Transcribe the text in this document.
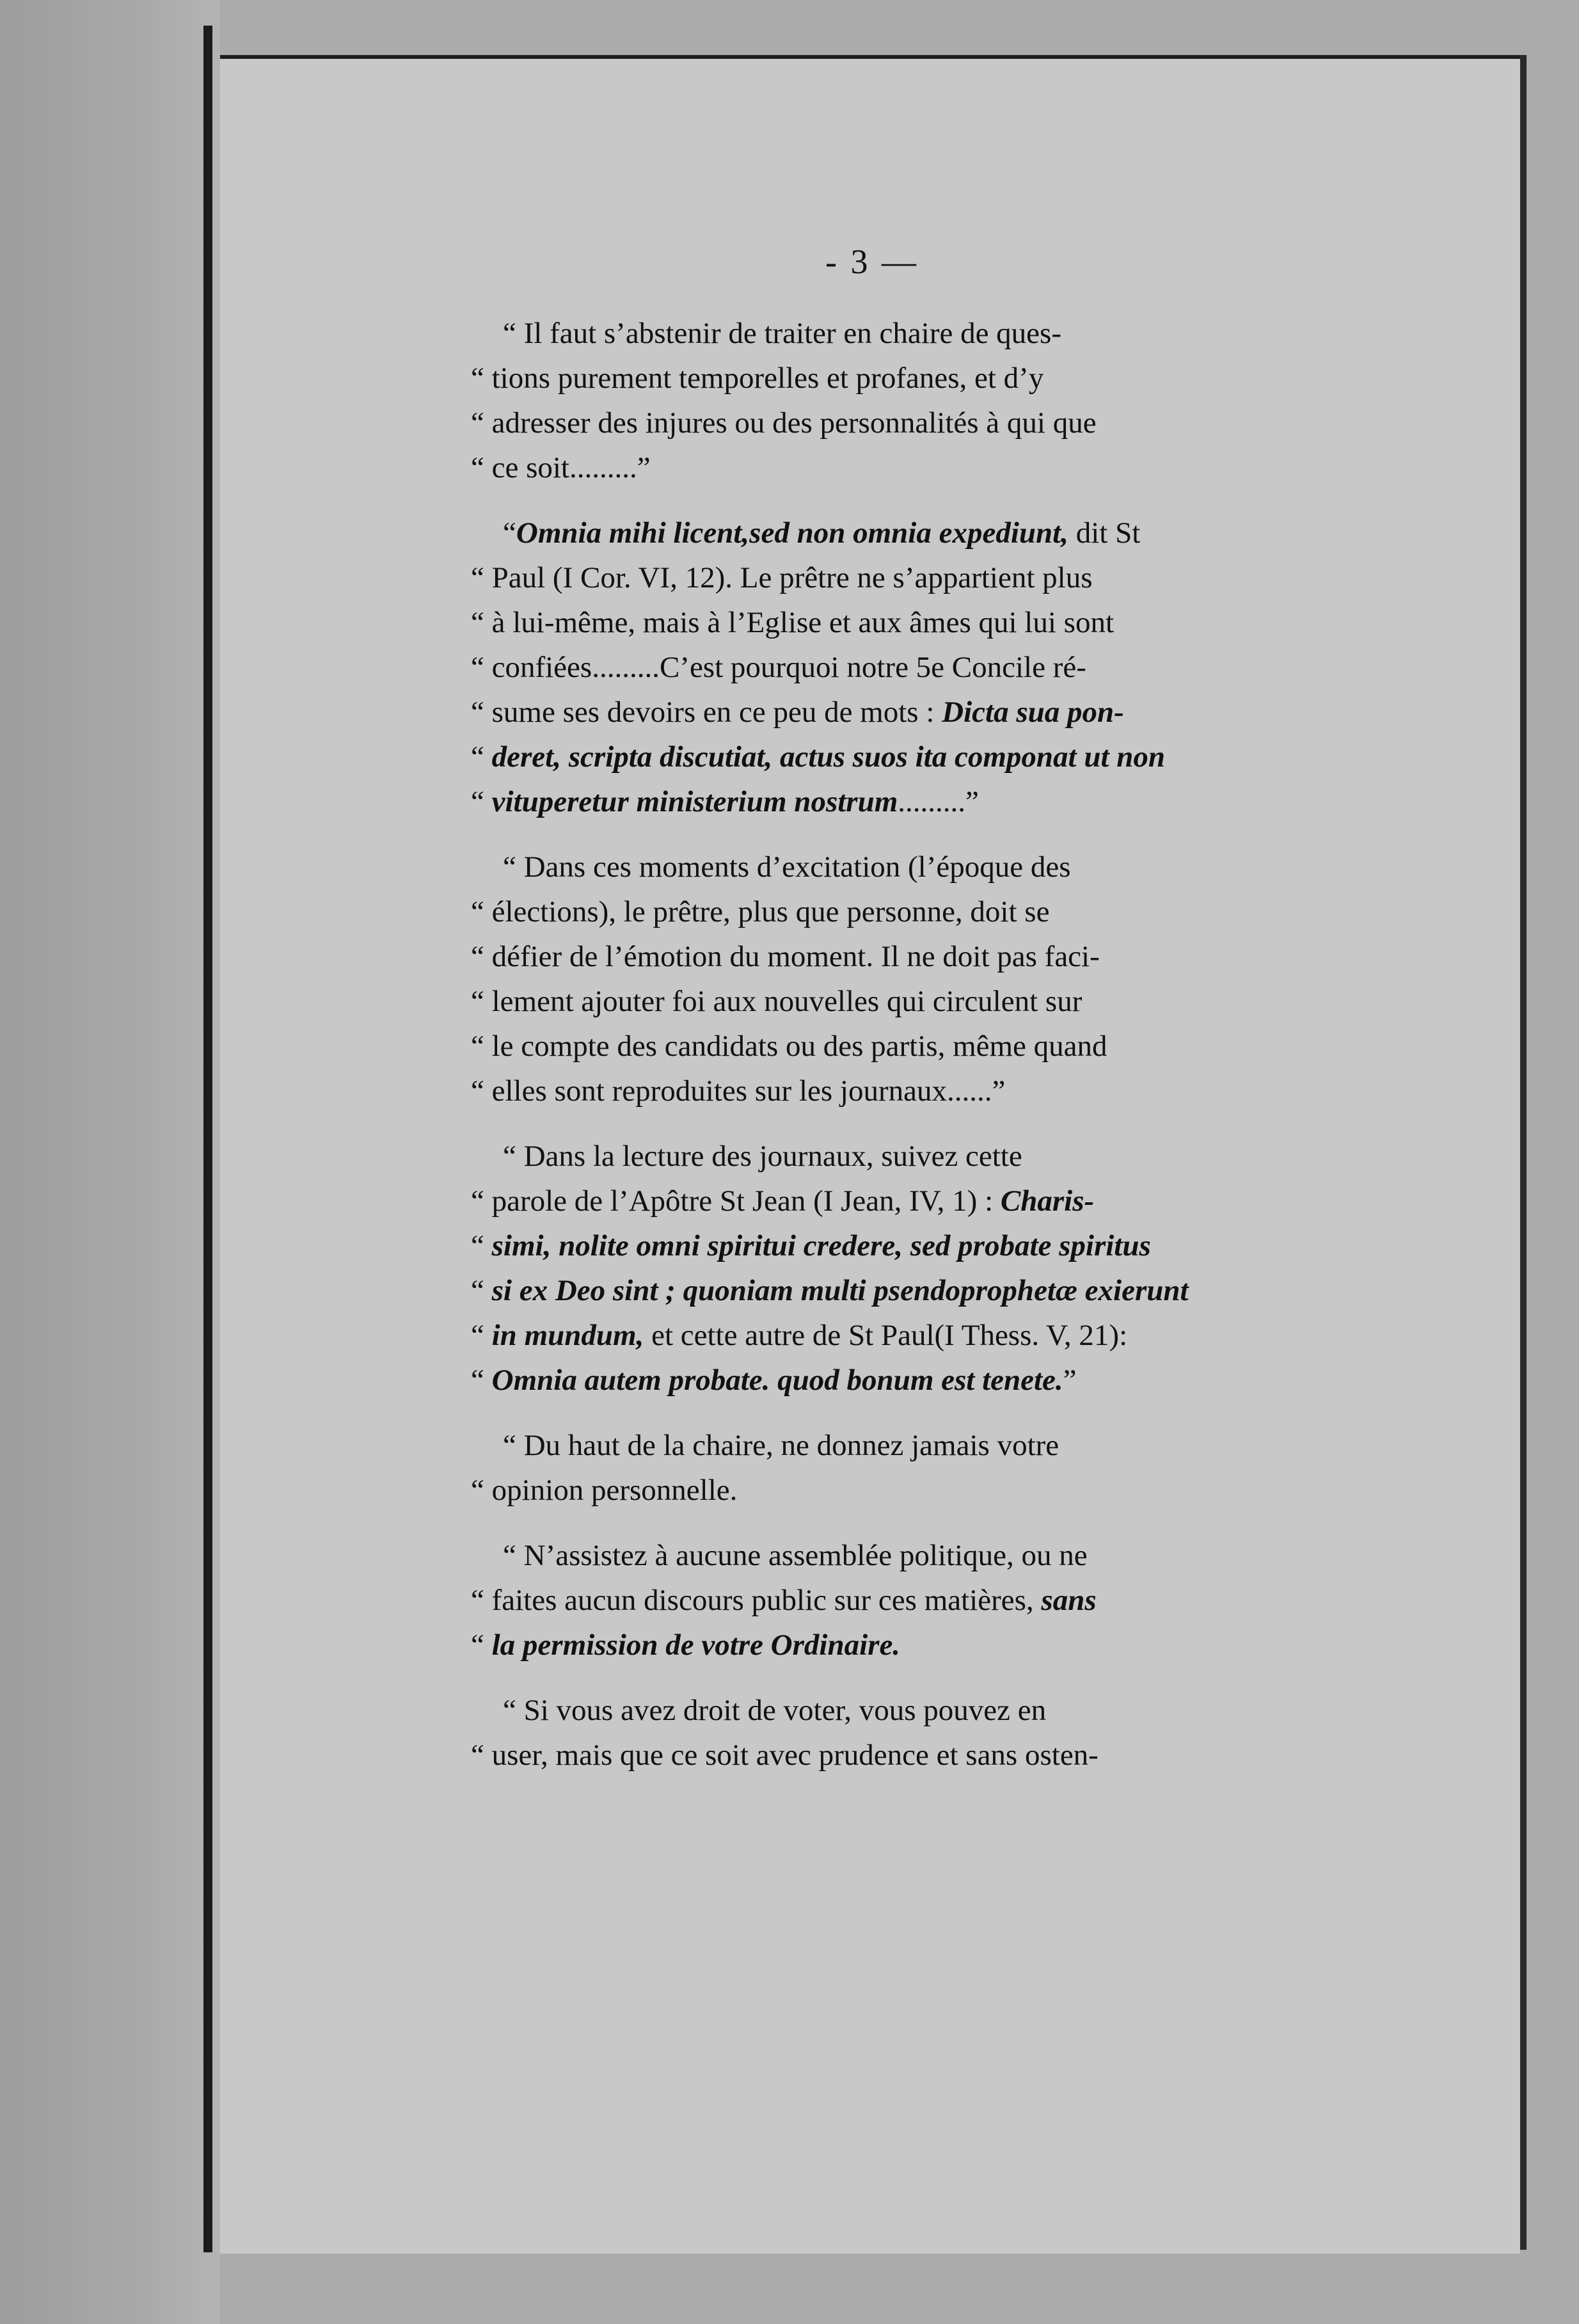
- 3 —
“ Il faut s’abstenir de traiter en chaire de ques-
“ tions purement temporelles et profanes, et d’y
“ adresser des injures ou des personnalités à qui que
“ ce soit.........”
“Omnia mihi licent,sed non omnia expediunt, dit St
“ Paul (I Cor. VI, 12). Le prêtre ne s’appartient plus
“ à lui-même, mais à l’Eglise et aux âmes qui lui sont
“ confiées.........C’est pourquoi notre 5e Concile ré-
“ sume ses devoirs en ce peu de mots : Dicta sua pon-
“ deret, scripta discutiat, actus suos ita componat ut non
“ vituperetur ministerium nostrum.........”
“ Dans ces moments d’excitation (l’époque des
“ élections), le prêtre, plus que personne, doit se
“ défier de l’émotion du moment. Il ne doit pas faci-
“ lement ajouter foi aux nouvelles qui circulent sur
“ le compte des candidats ou des partis, même quand
“ elles sont reproduites sur les journaux......”
“ Dans la lecture des journaux, suivez cette
“ parole de l’Apôtre St Jean (I Jean, IV, 1) : Charis-
“ simi, nolite omni spiritui credere, sed probate spiritus
“ si ex Deo sint ; quoniam multi psendoprophetæ exierunt
“ in mundum, et cette autre de St Paul(I Thess. V, 21):
“ Omnia autem probate. quod bonum est tenete.”
“ Du haut de la chaire, ne donnez jamais votre
“ opinion personnelle.
“ N’assistez à aucune assemblée politique, ou ne
“ faites aucun discours public sur ces matières, sans
“ la permission de votre Ordinaire.
“ Si vous avez droit de voter, vous pouvez en
“ user, mais que ce soit avec prudence et sans osten-
